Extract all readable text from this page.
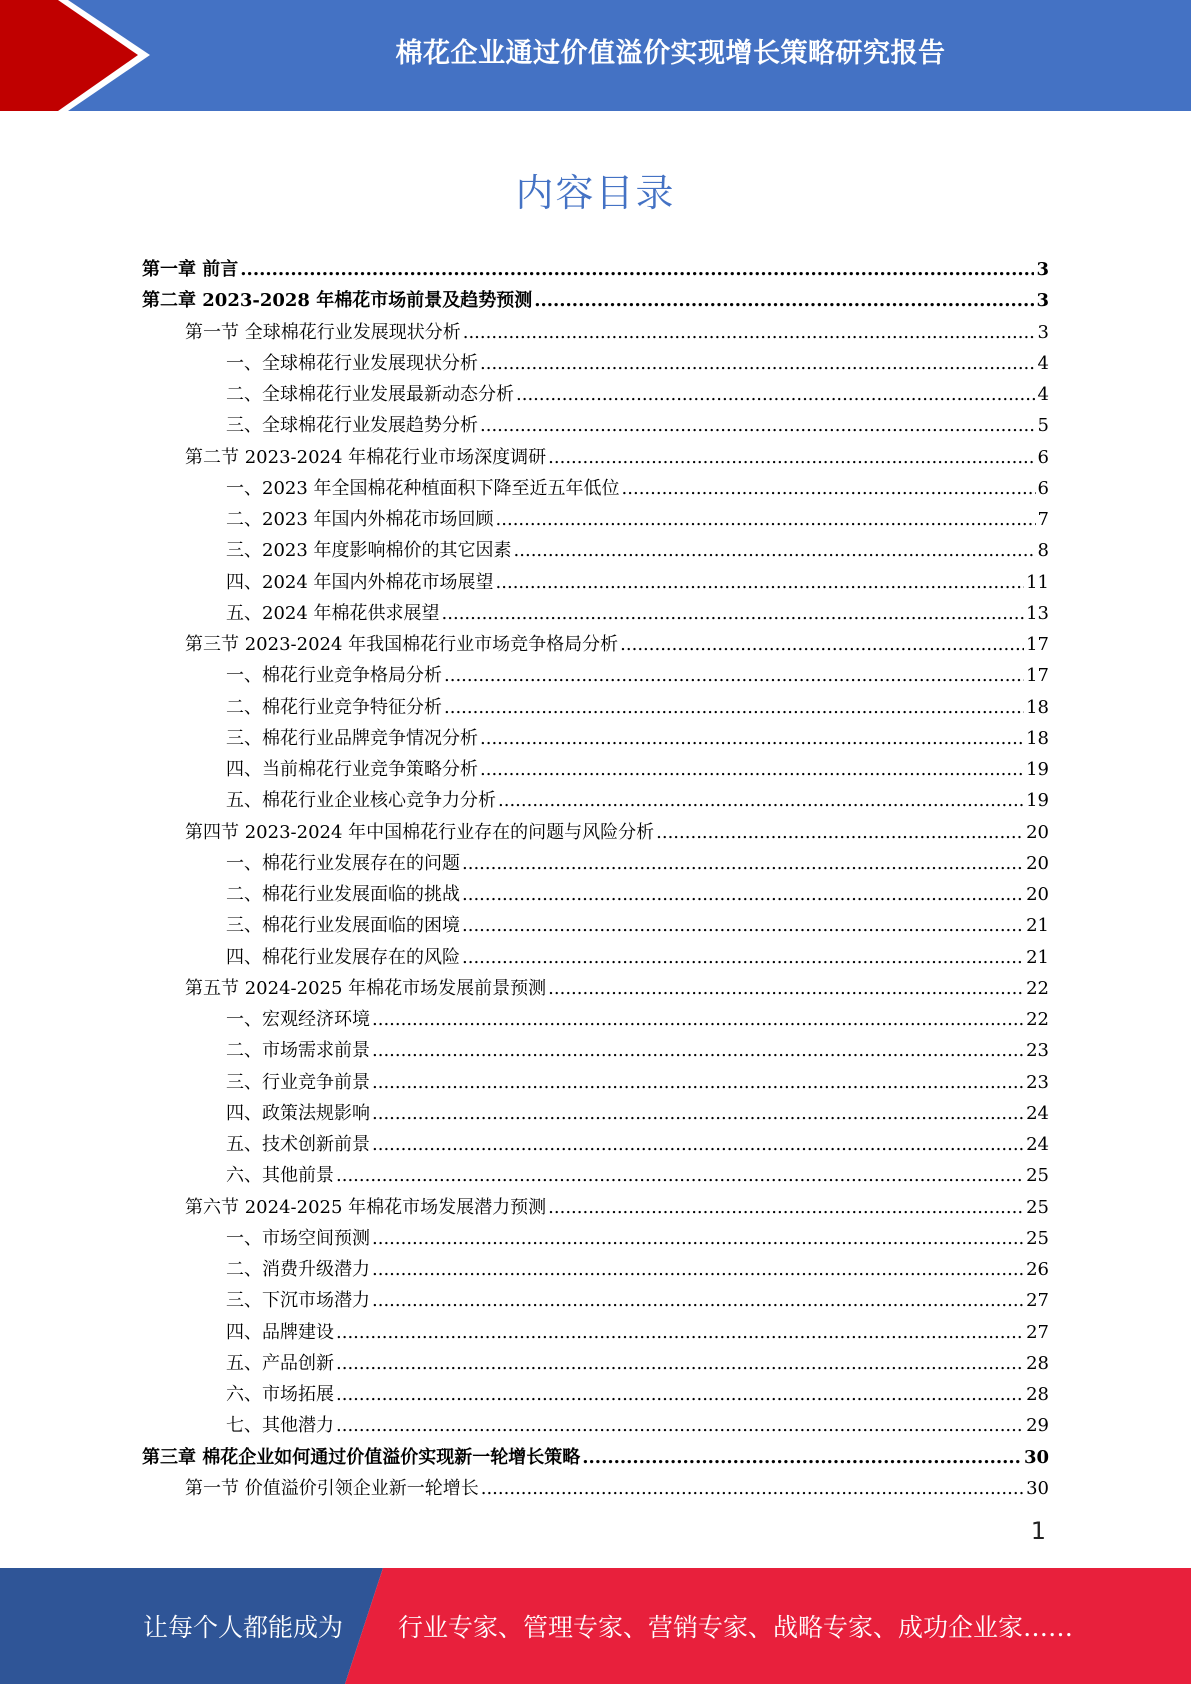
棉花企业通过价值溢价实现增长策略研究报告
内容目录
第一章 前言 .....	3
第二章 2023-2028 年棉花市场前景及趋势预测 .....	3
第一节 全球棉花行业发展现状分析 .....	3
一、全球棉花行业发展现状分析 .....	4
二、全球棉花行业发展最新动态分析 .....	4
三、全球棉花行业发展趋势分析 .....	5
第二节 2023-2024 年棉花行业市场深度调研 .....	6
一、2023 年全国棉花种植面积下降至近五年低位 .....	6
二、2023 年国内外棉花市场回顾 .....	7
三、2023 年度影响棉价的其它因素 .....	8
四、2024 年国内外棉花市场展望 .....	11
五、2024 年棉花供求展望 .....	13
第三节 2023-2024 年我国棉花行业市场竞争格局分析 .....	17
一、棉花行业竞争格局分析 .....	17
二、棉花行业竞争特征分析 .....	18
三、棉花行业品牌竞争情况分析 .....	18
四、当前棉花行业竞争策略分析 .....	19
五、棉花行业企业核心竞争力分析 .....	19
第四节 2023-2024 年中国棉花行业存在的问题与风险分析 .....	20
一、棉花行业发展存在的问题 .....	20
二、棉花行业发展面临的挑战 .....	20
三、棉花行业发展面临的困境 .....	21
四、棉花行业发展存在的风险 .....	21
第五节 2024-2025 年棉花市场发展前景预测 .....	22
一、宏观经济环境 .....	22
二、市场需求前景 .....	23
三、行业竞争前景 .....	23
四、政策法规影响 .....	24
五、技术创新前景 .....	24
六、其他前景 .....	25
第六节 2024-2025 年棉花市场发展潜力预测 .....	25
一、市场空间预测 .....	25
二、消费升级潜力 .....	26
三、下沉市场潜力 .....	27
四、品牌建设 .....	27
五、产品创新 .....	28
六、市场拓展 .....	28
七、其他潜力 .....	29
第三章 棉花企业如何通过价值溢价实现新一轮增长策略 .....	30
第一节 价值溢价引领企业新一轮增长 .....	30
1
让每个人都能成为 行业专家、管理专家、营销专家、战略专家、成功企业家……
